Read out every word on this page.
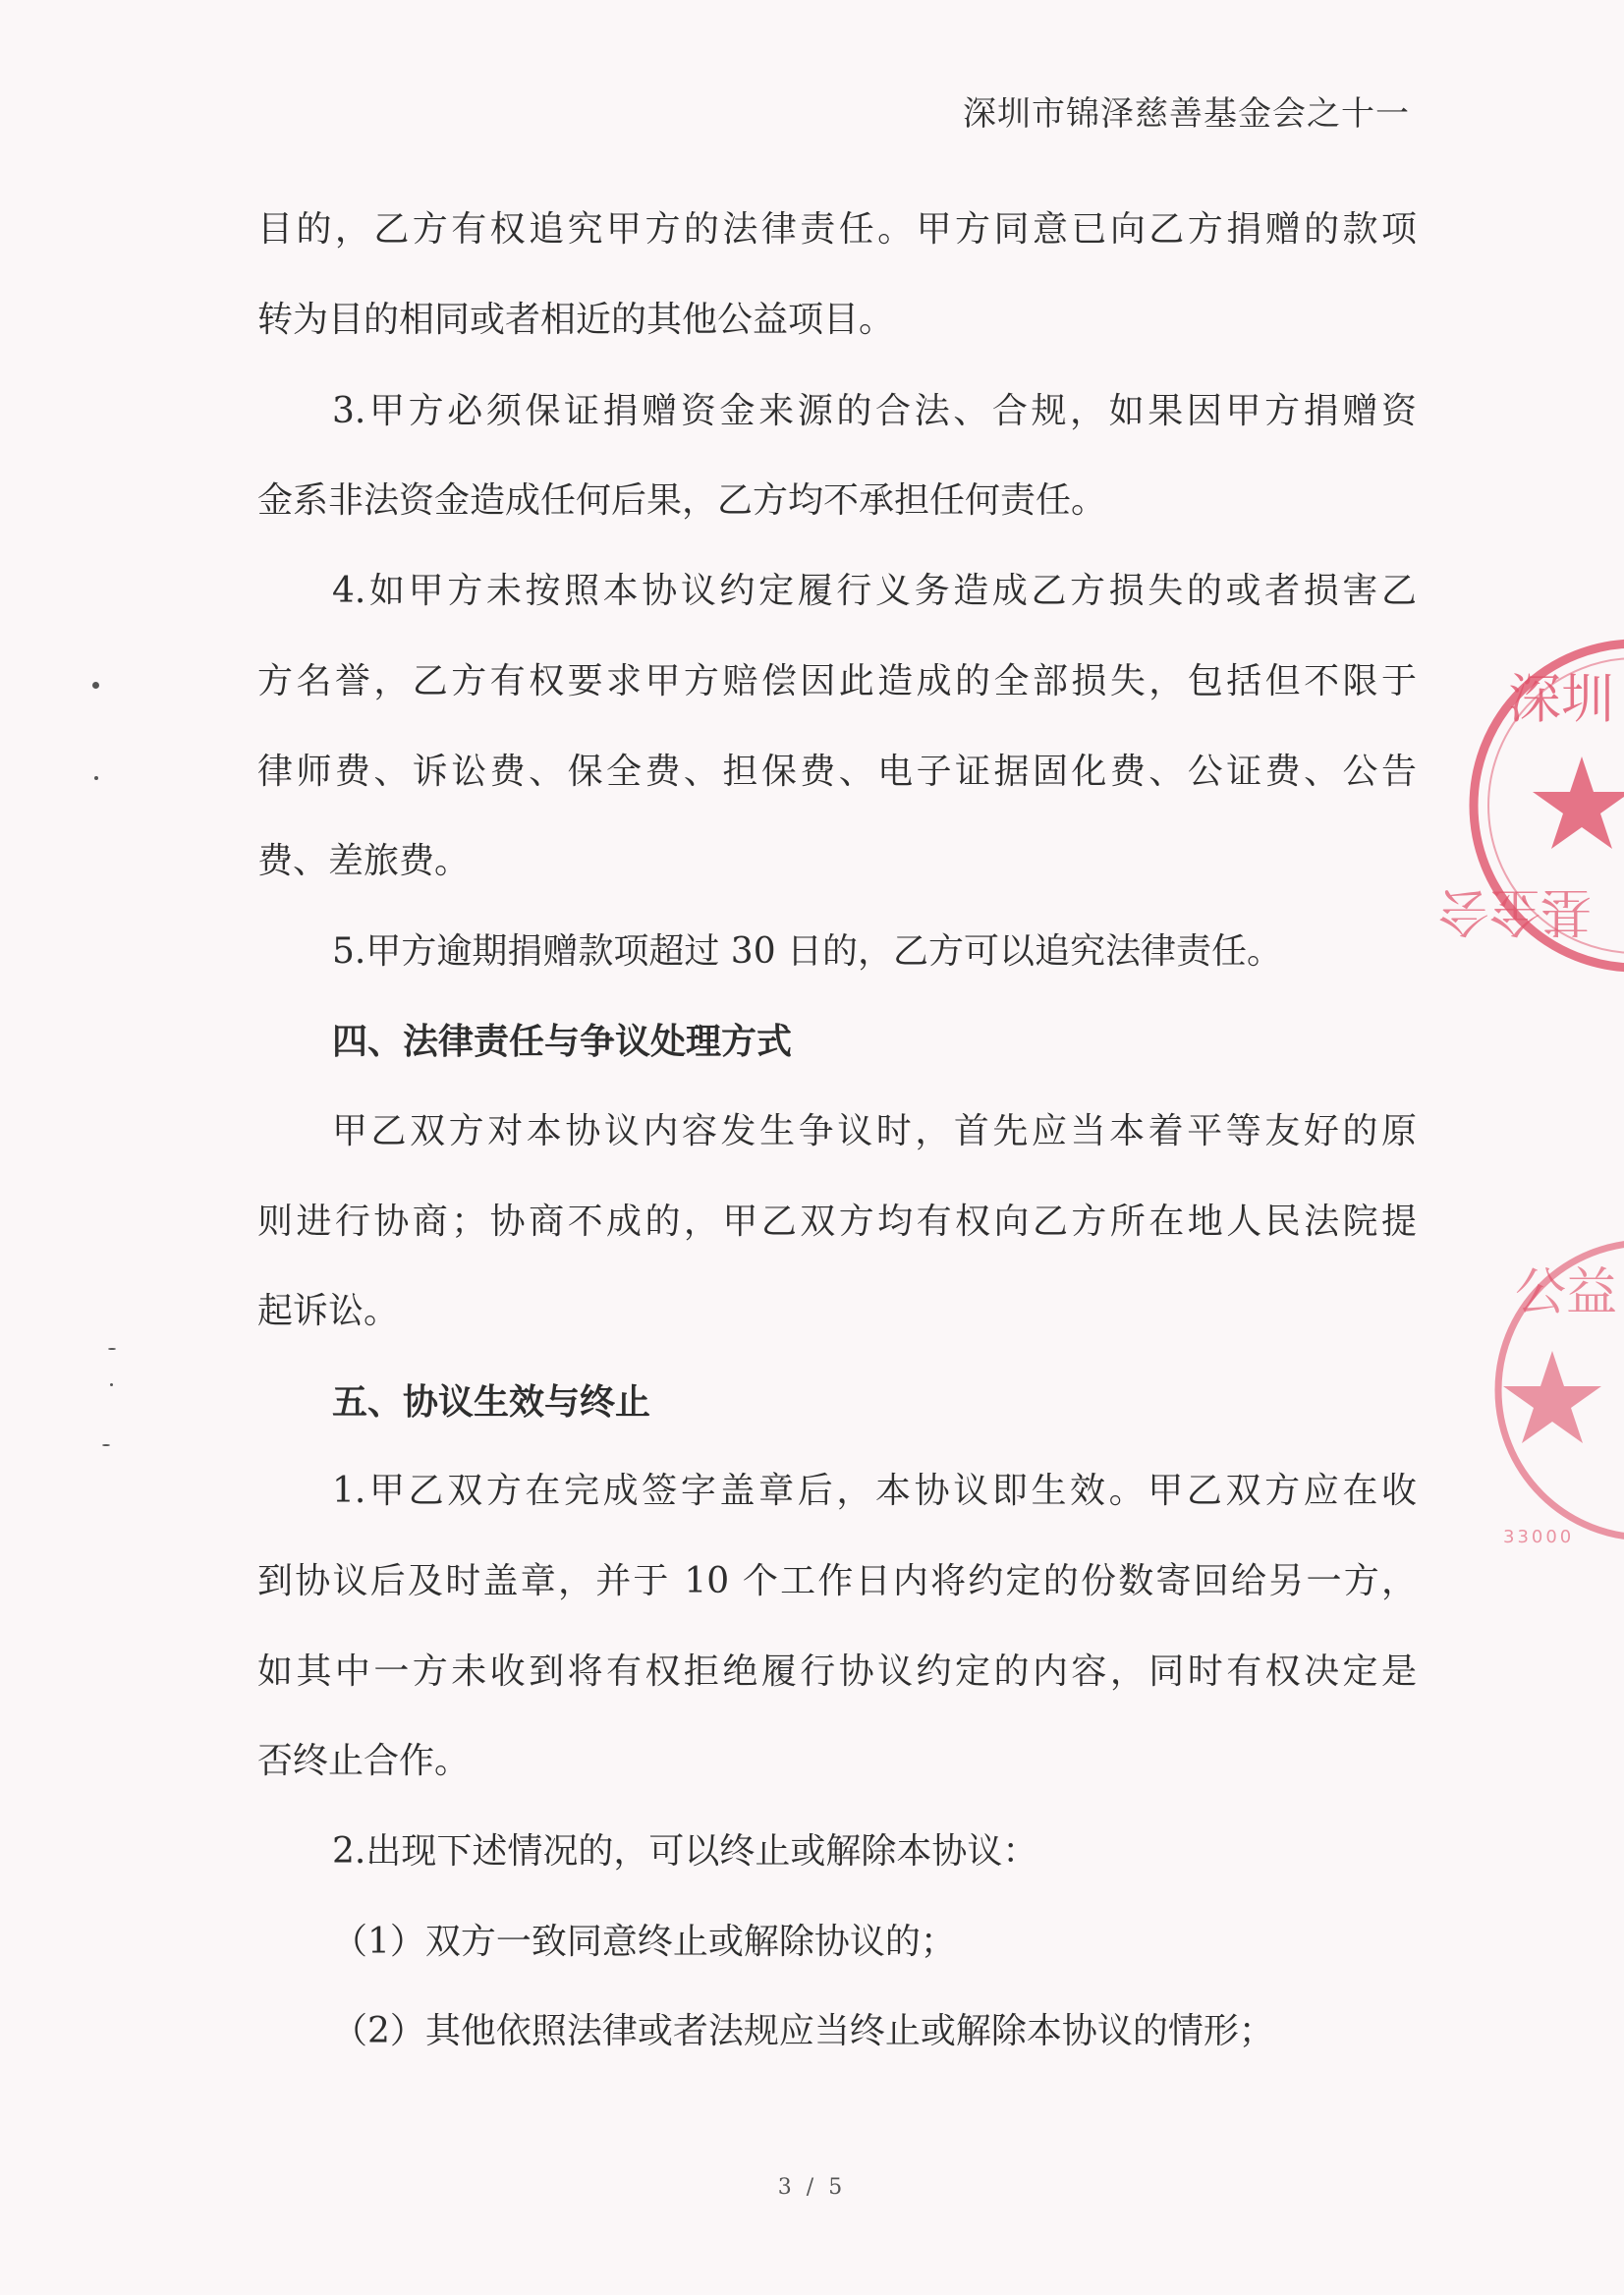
深圳市锦泽慈善基金会之十一
目的，乙方有权追究甲方的法律责任。甲方同意已向乙方捐赠的款项
转为目的相同或者相近的其他公益项目。
3.甲方必须保证捐赠资金来源的合法、合规，如果因甲方捐赠资
金系非法资金造成任何后果，乙方均不承担任何责任。
4.如甲方未按照本协议约定履行义务造成乙方损失的或者损害乙
方名誉，乙方有权要求甲方赔偿因此造成的全部损失，包括但不限于
律师费、诉讼费、保全费、担保费、电子证据固化费、公证费、公告
费、差旅费。
5.甲方逾期捐赠款项超过 30 日的，乙方可以追究法律责任。
四、法律责任与争议处理方式
甲乙双方对本协议内容发生争议时，首先应当本着平等友好的原
则进行协商；协商不成的，甲乙双方均有权向乙方所在地人民法院提
起诉讼。
五、协议生效与终止
1.甲乙双方在完成签字盖章后，本协议即生效。甲乙双方应在收
到协议后及时盖章，并于 10 个工作日内将约定的份数寄回给另一方，
如其中一方未收到将有权拒绝履行协议约定的内容，同时有权决定是
否终止合作。
2.出现下述情况的，可以终止或解除本协议：
（1）双方一致同意终止或解除协议的；
（2）其他依照法律或者法规应当终止或解除本协议的情形；
深圳
基金会
公益
33000
3 / 5
